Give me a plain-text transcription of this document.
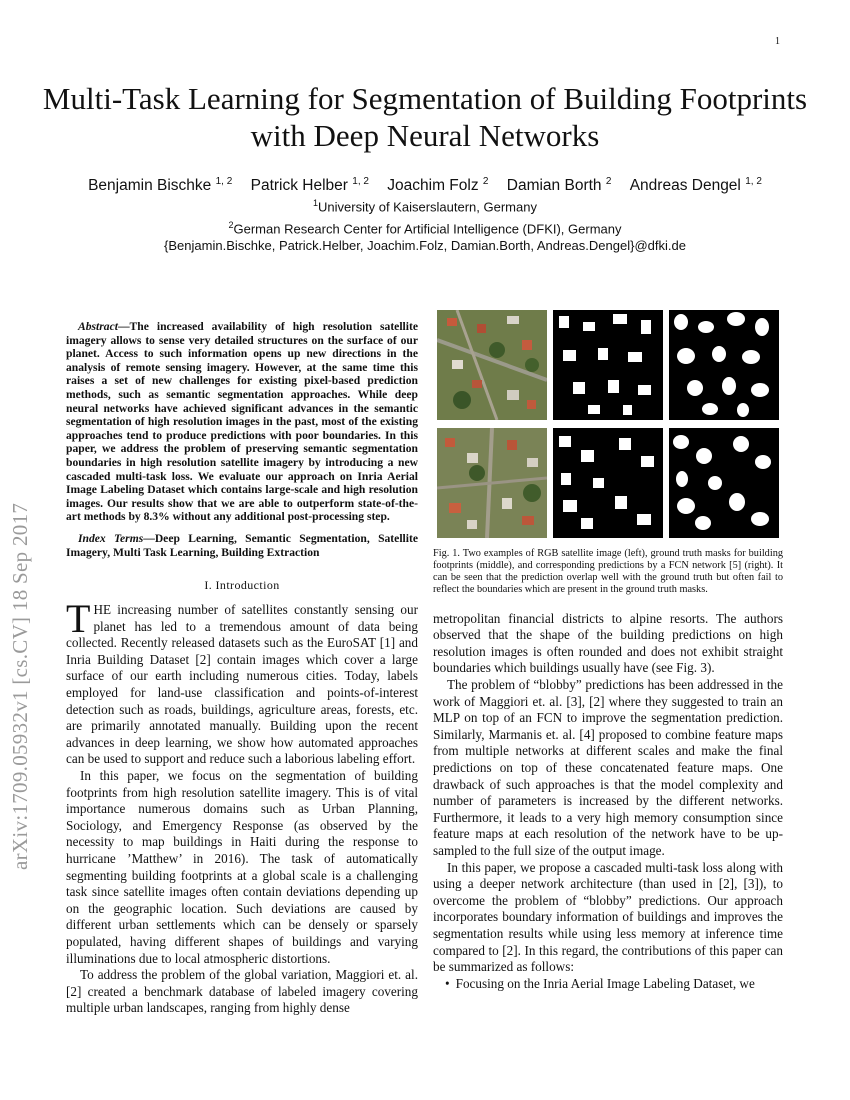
1
arXiv:1709.05932v1 [cs.CV] 18 Sep 2017
Multi-Task Learning for Segmentation of Building Footprints with Deep Neural Networks
Benjamin Bischke $^{1, 2}$ Patrick Helber $^{1, 2}$ Joachim Folz $^2$ Damian Borth $^2$ Andreas Dengel $^{1, 2}$
$^1$University of Kaiserslautern, Germany
$^2$German Research Center for Artificial Intelligence (DFKI), Germany
{Benjamin.Bischke, Patrick.Helber, Joachim.Folz, Damian.Borth, Andreas.Dengel}@dfki.de

Abstract—The increased availability of high resolution satellite imagery allows to sense very detailed structures on the surface of our planet. Access to such information opens up new directions in the analysis of remote sensing imagery. However, at the same time this raises a set of new challenges for existing pixel-based prediction methods, such as semantic segmentation approaches. While deep neural networks have achieved significant advances in the semantic segmentation of high resolution images in the past, most of the existing approaches tend to produce predictions with poor boundaries. In this paper, we address the problem of preserving semantic segmentation boundaries in high resolution satellite imagery by introducing a new cascaded multi-task loss. We evaluate our approach on Inria Aerial Image Labeling Dataset which contains large-scale and high resolution images. Our results show that we are able to outperform state-of-the-art methods by 8.3% without any additional post-processing step.

Index Terms—Deep Learning, Semantic Segmentation, Satellite Imagery, Multi Task Learning, Building Extraction

I. Introduction

THE increasing number of satellites constantly sensing our planet has led to a tremendous amount of data being collected. Recently released datasets such as the EuroSAT [1] and Inria Building Dataset [2] contain images which cover a large surface of our earth including numerous cities. Today, labels employed for land-use classification and points-of-interest detection such as roads, buildings, agriculture areas, forests, etc. are primarily annotated manually. Building upon the recent advances in deep learning, we show how automated approaches can be used to support and reduce such a laborious labeling effort.

In this paper, we focus on the segmentation of building footprints from high resolution satellite imagery. This is of vital importance numerous domains such as Urban Planning, Sociology, and Emergency Response (as observed by the necessity to map buildings in Haiti during the response to hurricane ’Matthew’ in 2016). The task of automatically segmenting building footprints at a global scale is a challenging task since satellite images often contain deviations depending up on the geographic location. Such deviations are caused by different urban settlements which can be densely or sparsely populated, having different shapes of buildings and varying illuminations due to local atmospheric distortions.

To address the problem of the global variation, Maggiori et. al. [2] created a benchmark database of labeled imagery covering multiple urban landscapes, ranging from highly dense

Fig. 1. Two examples of RGB satellite image (left), ground truth masks for building footprints (middle), and corresponding predictions by a FCN network [5] (right). It can be seen that the prediction overlap well with the ground truth but often fail to reflect the boundaries which are present in the ground truth masks.

metropolitan financial districts to alpine resorts. The authors observed that the shape of the building predictions on high resolution images is often rounded and does not exhibit straight boundaries which buildings usually have (see Fig. 3).

The problem of “blobby” predictions has been addressed in the work of Maggiori et. al. [3], [2] where they suggested to train an MLP on top of an FCN to improve the segmentation prediction. Similarly, Marmanis et. al. [4] proposed to combine feature maps from multiple networks at different scales and make the final predictions on top of these concatenated feature maps. One drawback of such approaches is that the model complexity and number of parameters is increased by the different networks. Furthermore, it leads to a very high memory consumption since feature maps at each resolution of the network have to be up-sampled to the full size of the output image.

In this paper, we propose a cascaded multi-task loss along with using a deeper network architecture (than used in [2], [3]), to overcome the problem of “blobby” predictions. Our approach incorporates boundary information of buildings and improves the segmentation results while using less memory at inference time compared to [2]. In this regard, the contributions of this paper can be summarized as follows:

• Focusing on the Inria Aerial Image Labeling Dataset, we
